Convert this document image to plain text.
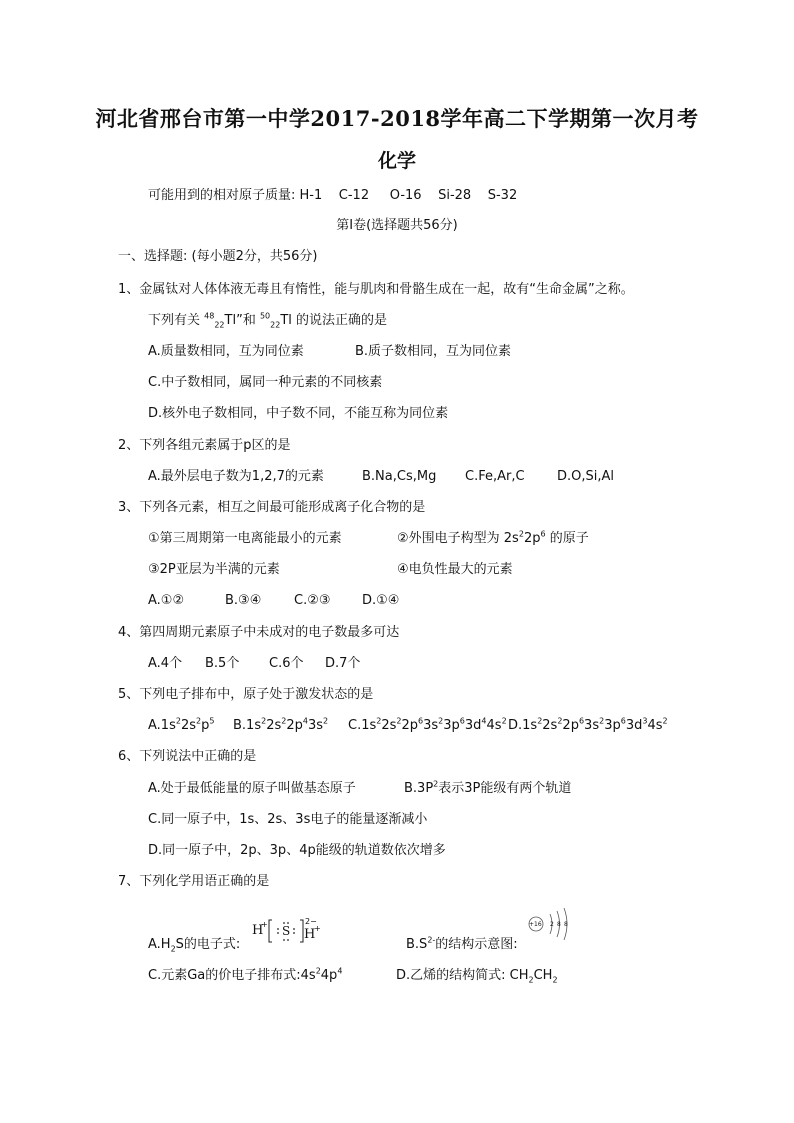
河北省邢台市第一中学2017-2018学年高二下学期第一次月考
化学
可能用到的相对原子质量: H-1    C-12     O-16    Si-28    S-32
第I卷(选择题共56分)
一、选择题: (每小题2分，共56分)
1、金属钛对人体体液无毒且有惰性，能与肌肉和骨骼生成在一起，故有“生命金属”之称。
下列有关 $^{48}_{22}$Tl”和 $^{50}_{22}$Tl 的说法正确的是
A.质量数相同，互为同位素	B.质子数相同，互为同位素
C.中子数相同，属同一种元素的不同核素
D.核外电子数相同，中子数不同，不能互称为同位素
2、下列各组元素属于p区的是
A.最外层电子数为1,2,7的元素	B.Na,Cs,Mg C.Fe,Ar,C D.O,Si,Al
3、下列各元素，相互之间最可能形成离子化合物的是
①第三周期第一电离能最小的元素	②外围电子构型为 $2s^22p^6$ 的原子
③2P亚层为半满的元素	④电负性最大的元素
A.①②	B.③④	C.②③ D.①④
4、第四周期元素原子中未成对的电子数最多可达
A.4个 B.5个 C.6个 D.7个
5、下列电子排布中，原子处于激发状态的是
$A.1s^22s^2p^5$ $B.1s^22s^22p^43s^2$ $C.1s^22s^22p^63s^23p^63d^44s^2$ $D.1s^22s^22p^63s^23p^63d^34s^2$
6、下列说法中正确的是
A.处于最低能量的原子叫做基态原子	$B.3P^2$表示3P能级有两个轨道
C.同一原子中，1s、2s、3s电子的能量逐渐减小
D.同一原子中，2p、3p、4p能级的轨道数依次增多
7、下列化学用语正确的是
$A.H_2S$的电子式:
H
+ S
2−
H
+
$B.S^{2-}$的结构示意图:
+16 2 8 8
C.元素Ga的价电子排布式$:4s^24p^4$	D.乙烯的结构简式: $CH_2CH_2$
